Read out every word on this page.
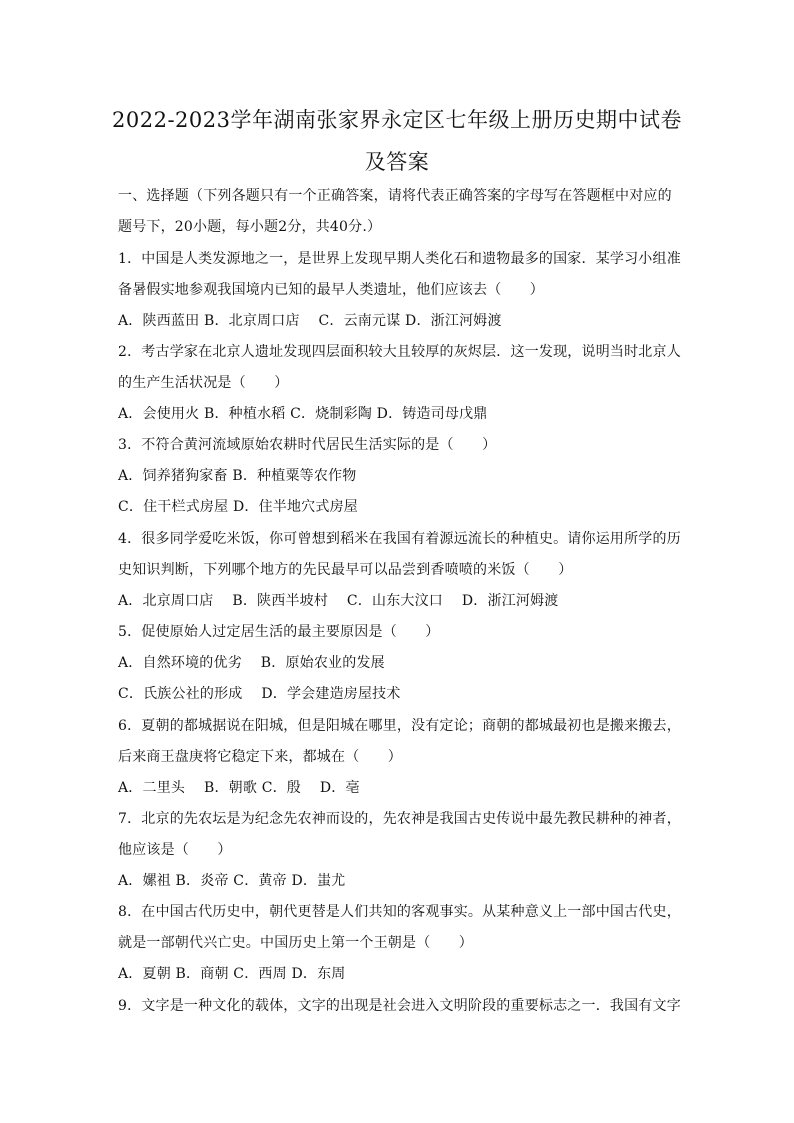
2022-2023学年湖南张家界永定区七年级上册历史期中试卷
及答案
一、选择题（下列各题只有一个正确答案，请将代表正确答案的字母写在答题框中对应的
题号下，20小题，每小题2分，共40分.）
1．中国是人类发源地之一，是世界上发现早期人类化石和遗物最多的国家．某学习小组准
备暑假实地参观我国境内已知的最早人类遗址，他们应该去（　　）
A．陕西蓝田 B．北京周口店　 C．云南元谋 D．浙江河姆渡
2．考古学家在北京人遗址发现四层面积较大且较厚的灰烬层．这一发现，说明当时北京人
的生产生活状况是（　　）
A．会使用火 B．种植水稻 C．烧制彩陶 D．铸造司母戊鼎
3．不符合黄河流域原始农耕时代居民生活实际的是（　　）
A．饲养猪狗家畜 B．种植粟等农作物
C．住干栏式房屋 D．住半地穴式房屋
4．很多同学爱吃米饭，你可曾想到稻米在我国有着源远流长的种植史。请你运用所学的历
史知识判断，下列哪个地方的先民最早可以品尝到香喷喷的米饭（　　）
A．北京周口店　 B．陕西半坡村　 C．山东大汶口　 D．浙江河姆渡
5．促使原始人过定居生活的最主要原因是（　　）
A．自然环境的优劣　 B．原始农业的发展
C．氏族公社的形成　 D．学会建造房屋技术
6．夏朝的都城据说在阳城，但是阳城在哪里，没有定论；商朝的都城最初也是搬来搬去，
后来商王盘庚将它稳定下来，都城在（　　）
A．二里头　 B．朝歌 C．殷　 D．亳
7．北京的先农坛是为纪念先农神而设的，先农神是我国古史传说中最先教民耕种的神者，
他应该是（　　）
A．嫘祖 B．炎帝 C．黄帝 D．蚩尤
8．在中国古代历史中，朝代更替是人们共知的客观事实。从某种意义上一部中国古代史，
就是一部朝代兴亡史。中国历史上第一个王朝是（　　）
A．夏朝 B．商朝 C．西周 D．东周
9．文字是一种文化的载体，文字的出现是社会进入文明阶段的重要标志之一．我国有文字
